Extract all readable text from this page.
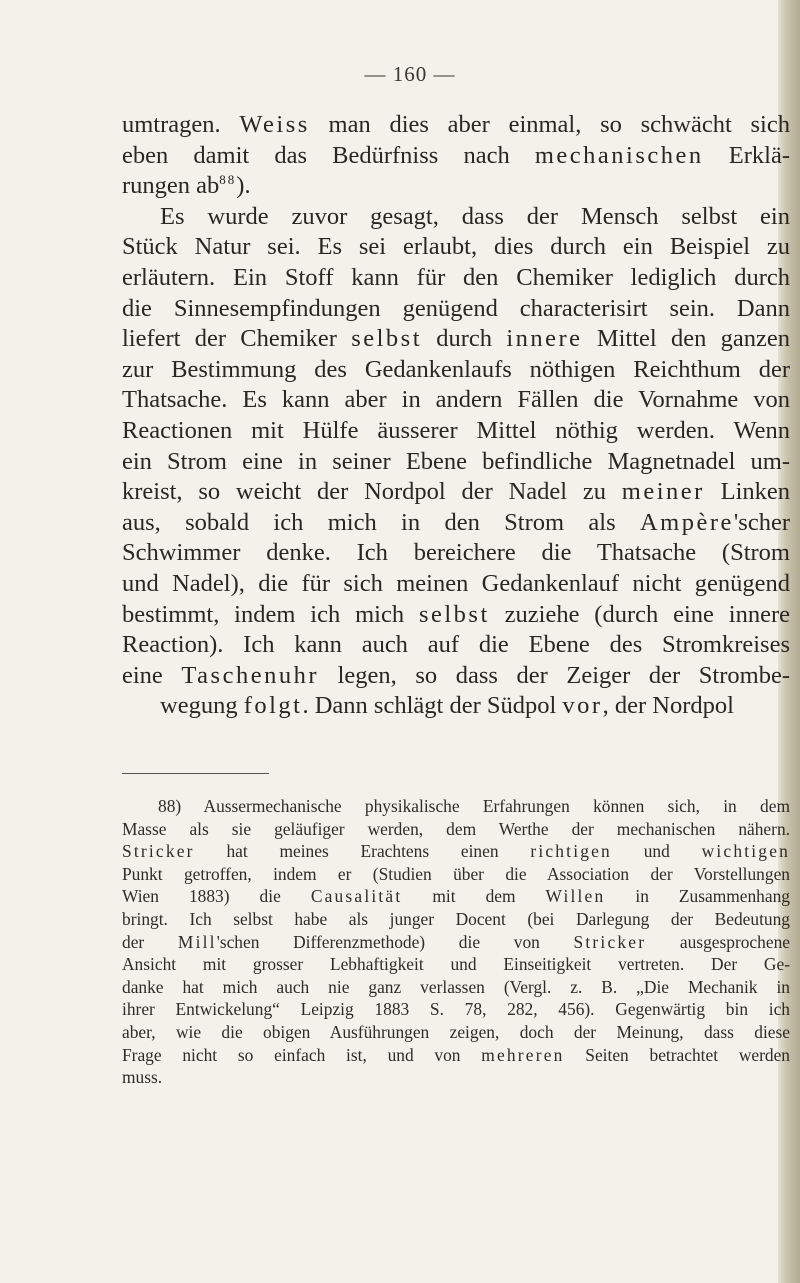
— 160 —
umtragen. Weiss man dies aber einmal, so schwächt sich
eben damit das Bedürfniss nach mechanischen Erklä-
rungen $ab^{88}$).
Es wurde zuvor gesagt, dass der Mensch selbst ein
Stück Natur sei. Es sei erlaubt, dies durch ein Beispiel zu
erläutern. Ein Stoff kann für den Chemiker lediglich durch
die Sinnesempfindungen genügend characterisirt sein. Dann
liefert der Chemiker selbst durch innere Mittel den ganzen
zur Bestimmung des Gedankenlaufs nöthigen Reichthum der
Thatsache. Es kann aber in andern Fällen die Vornahme von
Reactionen mit Hülfe äusserer Mittel nöthig werden. Wenn
ein Strom eine in seiner Ebene befindliche Magnetnadel um-
kreist, so weicht der Nordpol der Nadel zu meiner Linken
aus, sobald ich mich in den Strom als Ampère'scher
Schwimmer denke. Ich bereichere die Thatsache (Strom
und Nadel), die für sich meinen Gedankenlauf nicht genügend
bestimmt, indem ich mich selbst zuziehe (durch eine innere
Reaction). Ich kann auch auf die Ebene des Stromkreises
eine Taschenuhr legen, so dass der Zeiger der Strombe-
wegung folgt. Dann schlägt der Südpol vor, der Nordpol
88) Aussermechanische physikalische Erfahrungen können sich, in dem
Masse als sie geläufiger werden, dem Werthe der mechanischen nähern.
Stricker hat meines Erachtens einen richtigen und wichtigen
Punkt getroffen, indem er (Studien über die Association der Vorstellungen
Wien 1883) die Causalität mit dem Willen in Zusammenhang
bringt. Ich selbst habe als junger Docent (bei Darlegung der Bedeutung
der Mill'schen Differenzmethode) die von Stricker ausgesprochene
Ansicht mit grosser Lebhaftigkeit und Einseitigkeit vertreten. Der Ge-
danke hat mich auch nie ganz verlassen (Vergl. z. B. „Die Mechanik in
ihrer Entwickelung“ Leipzig 1883 S. 78, 282, 456). Gegenwärtig bin ich
aber, wie die obigen Ausführungen zeigen, doch der Meinung, dass diese
Frage nicht so einfach ist, und von mehreren Seiten betrachtet werden
muss.
